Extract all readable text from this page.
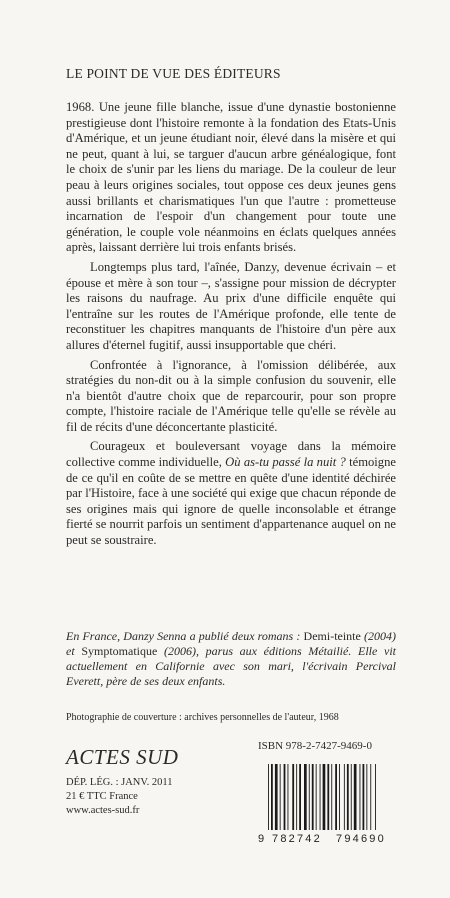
LE POINT DE VUE DES ÉDITEURS

1968. Une jeune fille blanche, issue d'une dynastie bostonienne prestigieuse dont l'histoire remonte à la fondation des Etats-Unis d'Amérique, et un jeune étudiant noir, élevé dans la misère et qui ne peut, quant à lui, se targuer d'aucun arbre généalogique, font le choix de s'unir par les liens du mariage. De la couleur de leur peau à leurs origines sociales, tout oppose ces deux jeunes gens aussi brillants et charismatiques l'un que l'autre : prometteuse incarnation de l'espoir d'un changement pour toute une génération, le couple vole néanmoins en éclats quelques années après, laissant derrière lui trois enfants brisés.

Longtemps plus tard, l'aînée, Danzy, devenue écrivain – et épouse et mère à son tour –, s'assigne pour mission de décrypter les raisons du naufrage. Au prix d'une difficile enquête qui l'entraîne sur les routes de l'Amérique profonde, elle tente de reconstituer les chapitres manquants de l'histoire d'un père aux allures d'éternel fugitif, aussi insupportable que chéri.

Confrontée à l'ignorance, à l'omission délibérée, aux stratégies du non-dit ou à la simple confusion du souvenir, elle n'a bientôt d'autre choix que de reparcourir, pour son propre compte, l'histoire raciale de l'Amérique telle qu'elle se révèle au fil de récits d'une déconcertante plasticité.

Courageux et bouleversant voyage dans la mémoire collective comme individuelle, Où as-tu passé la nuit ? témoigne de ce qu'il en coûte de se mettre en quête d'une identité déchirée par l'Histoire, face à une société qui exige que chacun réponde de ses origines mais qui ignore de quelle inconsolable et étrange fierté se nourrit parfois un sentiment d'appartenance auquel on ne peut se soustraire.

En France, Danzy Senna a publié deux romans : Demi-teinte (2004) et Symptomatique (2006), parus aux éditions Métailié. Elle vit actuellement en Californie avec son mari, l'écrivain Percival Everett, père de ses deux enfants.
Photographie de couverture : archives personnelles de l'auteur, 1968
ACTES SUD
DÉP. LÉG. : JANV. 2011
21 € TTC France
www.actes-sud.fr
ISBN 978-2-7427-9469-0
9 782742 794690
